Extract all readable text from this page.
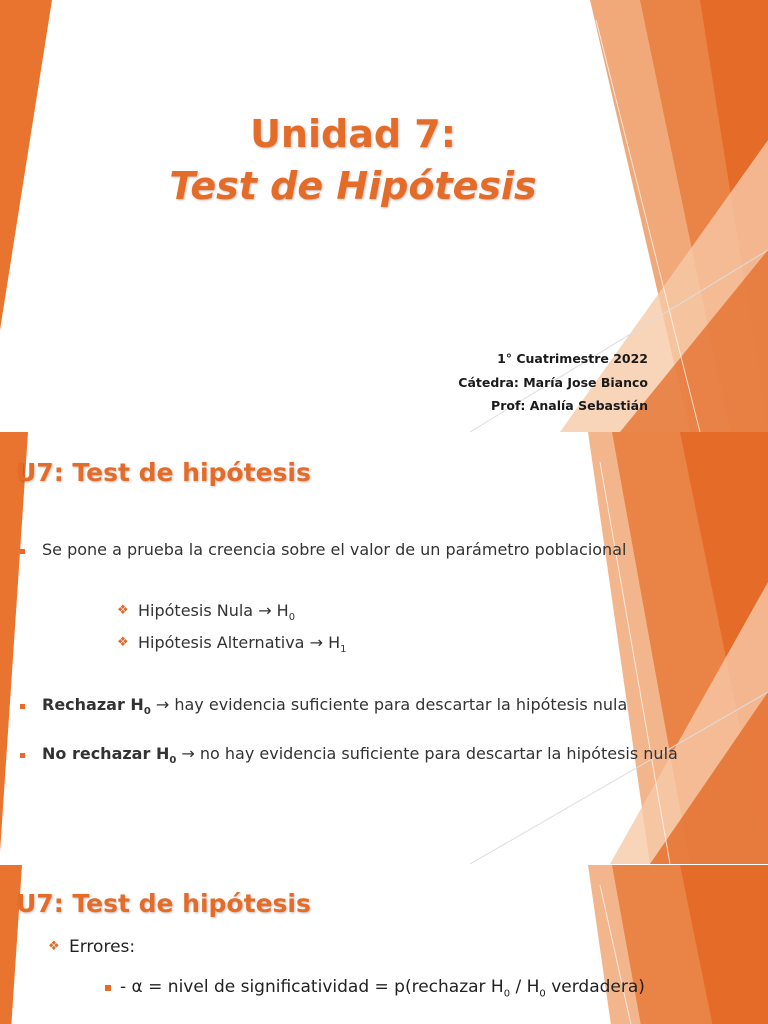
Unidad 7:
Test de Hipótesis
1° Cuatrimestre 2022
Cátedra: María Jose Bianco
Prof: Analía Sebastián
U7: Test de hipótesis
Se pone a prueba la creencia sobre el valor de un parámetro poblacional
❖ Hipótesis Nula → $H_0$
❖ Hipótesis Alternativa → $H_1$
Rechazar $H_0$ → hay evidencia suficiente para descartar la hipótesis nula
No rechazar $H_0$ → no hay evidencia suficiente para descartar la hipótesis nula
U7: Test de hipótesis
❖ Errores:
- α = nivel de significatividad = p(rechazar $H_0 / H_0$ verdadera)
